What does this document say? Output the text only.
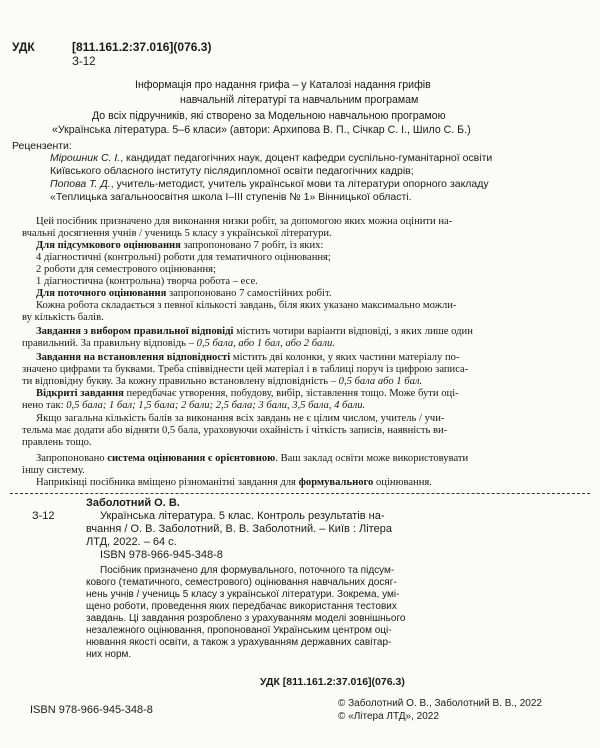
УДК	[811.161.2:37.016](076.3)
З-12
Інформація про надання грифа – у Каталозі надання грифів
навчальній літературі та навчальним програмам
До всіх підручників, які створено за Модельною навчальною програмою
«Українська література. 5–6 класи» (автори: Архипова В. П., Січкар С. І., Шило С. Б.)
Рецензенти:
Мірошник С. І., кандидат педагогічних наук, доцент кафедри суспільно-гуманітарної освіти
Київського обласного інституту післядипломної освіти педагогічних кадрів;
Попова Т. Д., учитель-методист, учитель української мови та літератури опорного закладу
«Теплицька загальноосвітня школа І–ІІІ ступенів № 1» Вінницької області.
Цей посібник призначено для виконання низки робіт, за допомогою яких можна оцінити на-
вчальні досягнення учнів / учениць 5 класу з української літератури.
Для підсумкового оцінювання запропоновано 7 робіт, із яких:
4 діагностичні (контрольні) роботи для тематичного оцінювання;
2 роботи для семестрового оцінювання;
1 діагностична (контрольна) творча робота – есе.
Для поточного оцінювання запропоновано 7 самостійних робіт.
Кожна робота складається з певної кількості завдань, біля яких указано максимально можли-
ву кількість балів.
Завдання з вибором правильної відповіді містить чотири варіанти відповіді, з яких лише один
правильний. За правильну відповідь – 0,5 бала, або 1 бал, або 2 бали.
Завдання на встановлення відповідності містить дві колонки, у яких частини матеріалу по-
значено цифрами та буквами. Треба співвіднести цей матеріал і в таблиці поруч із цифрою записа-
ти відповідну букву. За кожну правильно встановлену відповідність – 0,5 бала або 1 бал.
Відкриті завдання передбачає утворення, побудову, вибір, зіставлення тощо. Може бути оці-
нено так: 0,5 бала; 1 бал; 1,5 бала; 2 бали; 2,5 бала; 3 бали, 3,5 бала, 4 бали.
Якщо загальна кількість балів за виконання всіх завдань не є цілим числом, учитель / учи-
тельма має додати або відняти 0,5 бала, ураховуючи охайність і чіткість записів, наявність ви-
правлень тощо.
Запропоновано система оцінювання є орієнтовною. Ваш заклад освіти може використовувати
іншу систему.
Наприкінці посібника вміщено різноманітні завдання для формувального оцінювання.
Заболотний О. В.
З-12	Українська література. 5 клас. Контроль результатів на-
вчання / О. В. Заболотний, В. В. Заболотний. – Київ : Літера
ЛТД, 2022. – 64 с.
ISBN 978-966-945-348-8
Посібник призначено для формувального, поточного та підсум-
кового (тематичного, семестрового) оцінювання навчальних досяг-
нень учнів / учениць 5 класу з української літератури. Зокрема, умі-
щено роботи, проведення яких передбачає використання тестових
завдань. Ці завдання розроблено з урахуванням моделі зовнішнього
незалежного оцінювання, пропонованої Українським центром оці-
нювання якості освіти, а також з урахуванням державних савітар-
них норм.
УДК [811.161.2:37.016](076.3)
ISBN 978-966-945-348-8
© Заболотний О. В., Заболотний В. В., 2022
© «Літера ЛТД», 2022
